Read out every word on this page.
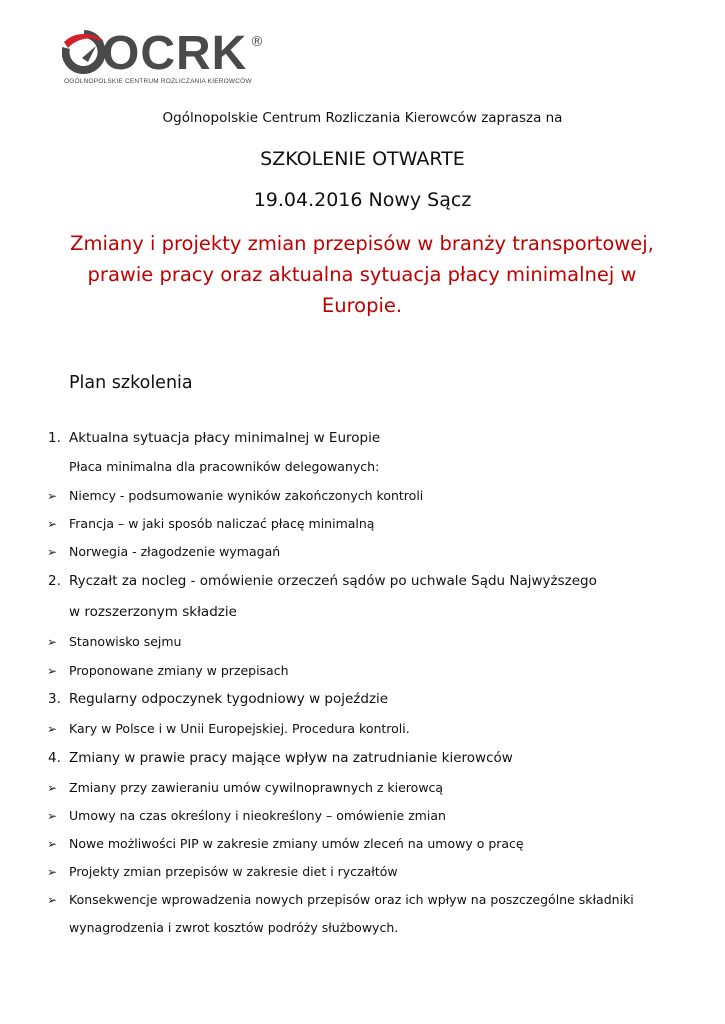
OCRK ®
OGÓLNOPOLSKIE CENTRUM ROZLICZANIA KIEROWCÓW
Ogólnopolskie Centrum Rozliczania Kierowców zaprasza na
SZKOLENIE OTWARTE
19.04.2016 Nowy Sącz
Zmiany i projekty zmian przepisów w branży transportowej, prawie pracy oraz aktualna sytuacja płacy minimalnej w Europie.
Plan szkolenia
1. Aktualna sytuacja płacy minimalnej w Europie
Płaca minimalna dla pracowników delegowanych:
➢ Niemcy - podsumowanie wyników zakończonych kontroli
➢ Francja – w jaki sposób naliczać płacę minimalną
➢ Norwegia - złagodzenie wymagań
2. Ryczałt za nocleg - omówienie orzeczeń sądów po uchwale Sądu Najwyższego
w rozszerzonym składzie
➢ Stanowisko sejmu
➢ Proponowane zmiany w przepisach
3. Regularny odpoczynek tygodniowy w pojeździe
➢ Kary w Polsce i w Unii Europejskiej. Procedura kontroli.
4. Zmiany w prawie pracy mające wpływ na zatrudnianie kierowców
➢ Zmiany przy zawieraniu umów cywilnoprawnych z kierowcą
➢ Umowy na czas określony i nieokreślony – omówienie zmian
➢ Nowe możliwości PIP w zakresie zmiany umów zleceń na umowy o pracę
➢ Projekty zmian przepisów w zakresie diet i ryczałtów
➢ Konsekwencje wprowadzenia nowych przepisów oraz ich wpływ na poszczególne składniki
wynagrodzenia i zwrot kosztów podróży służbowych.
